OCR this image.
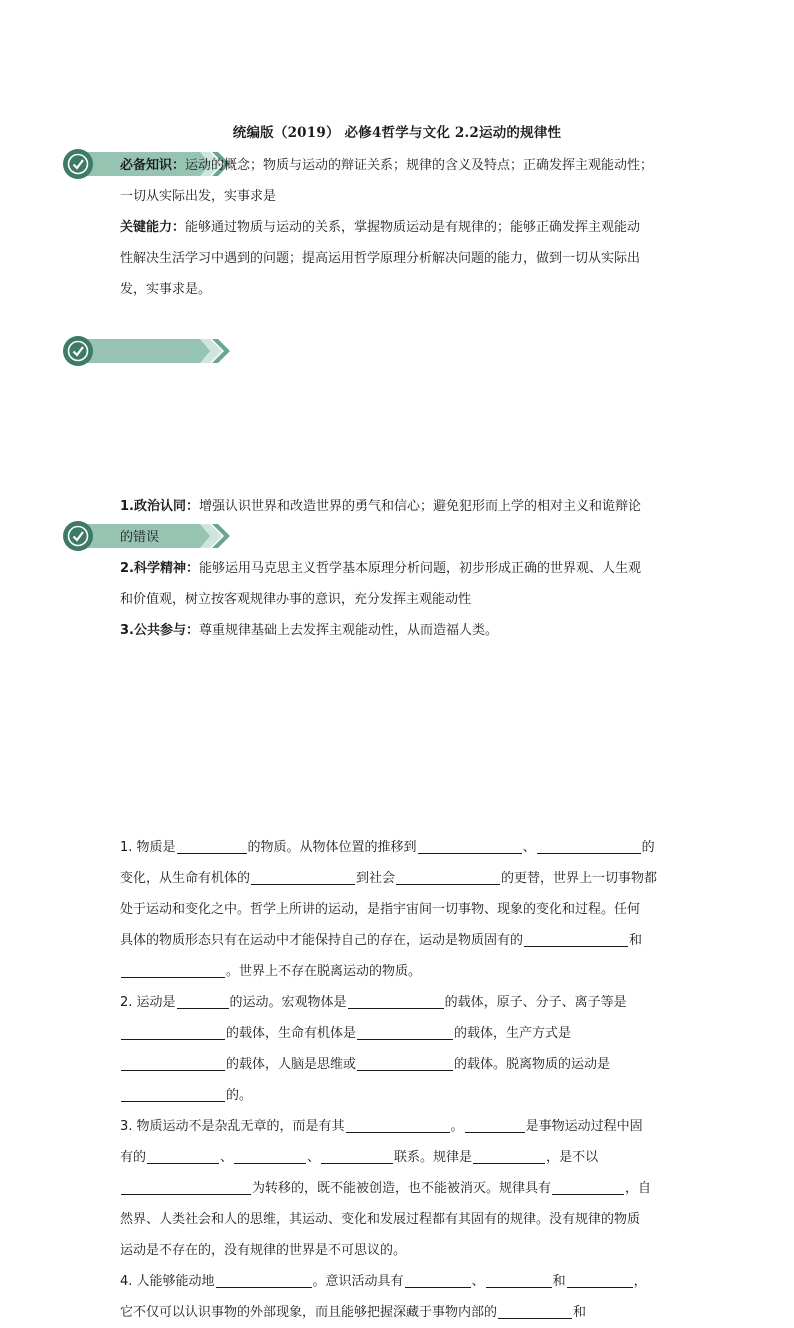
统编版（2019） 必修4哲学与文化 2.2运动的规律性

必备知识：运动的概念；物质与运动的辩证关系；规律的含义及特点；正确发挥主观能动性；

一切从实际出发，实事求是

关键能力：能够通过物质与运动的关系，掌握物质运动是有规律的；能够正确发挥主观能动

性解决生活学习中遇到的问题；提高运用哲学原理分析解决问题的能力，做到一切从实际出

发，实事求是。

1.政治认同：增强认识世界和改造世界的勇气和信心；避免犯形而上学的相对主义和诡辩论

的错误

2.科学精神：能够运用马克思主义哲学基本原理分析问题，初步形成正确的世界观、人生观

和价值观，树立按客观规律办事的意识，充分发挥主观能动性

3.公共参与：尊重规律基础上去发挥主观能动性，从而造福人类。

1. 物质是	的物质。从物体位置的推移到	、	的

变化，从生命有机体的	到社会	的更替，世界上一切事物都

处于运动和变化之中。哲学上所讲的运动，是指宇宙间一切事物、现象的变化和过程。任何

具体的物质形态只有在运动中才能保持自己的存在，运动是物质固有的	和

。世界上不存在脱离运动的物质。

2. 运动是	的运动。宏观物体是	的载体，原子、分子、离子等是

的载体，生命有机体是	的载体，生产方式是

的载体，人脑是思维或	的载体。脱离物质的运动是

的。

3. 物质运动不是杂乱无章的，而是有其	。	是事物运动过程中固

有的	、	、	联系。规律是	，是不以

为转移的，既不能被创造，也不能被消灭。规律具有	，自

然界、人类社会和人的思维，其运动、变化和发展过程都有其固有的规律。没有规律的物质

运动是不存在的，没有规律的世界是不可思议的。

4. 人能够能动地	。意识活动具有	、	和	，

它不仅可以认识事物的外部现象，而且能够把握深藏于事物内部的	和
